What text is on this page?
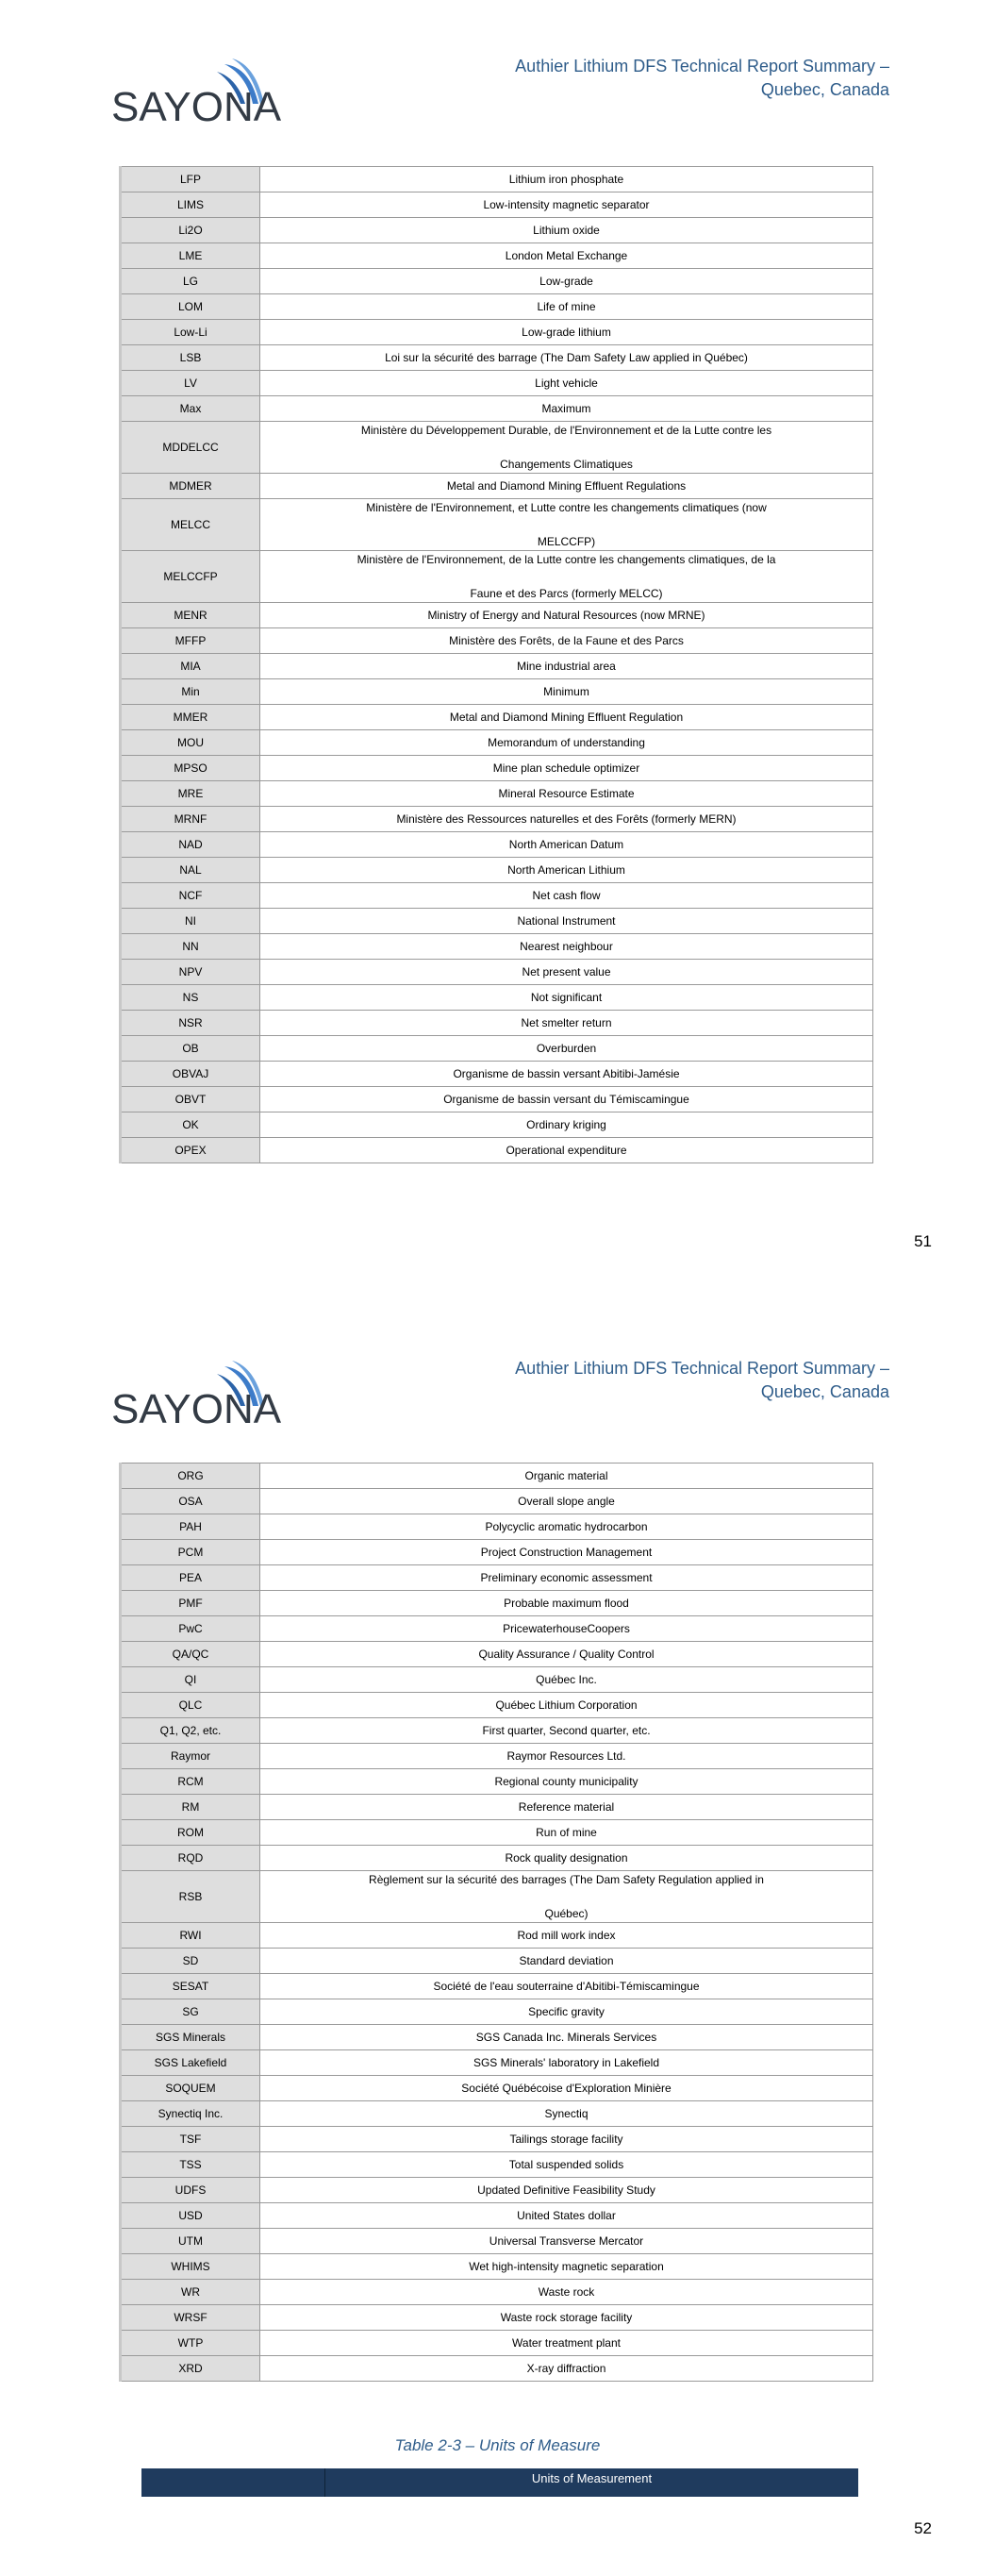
SAYONA
Authier Lithium DFS Technical Report Summary –
Quebec, Canada
LFP	Lithium iron phosphate

LIMS	Low-intensity magnetic separator

Li2O	Lithium oxide

LME	London Metal Exchange

LG	Low-grade

LOM	Life of mine

Low-Li	Low-grade lithium

LSB	Loi sur la sécurité des barrage (The Dam Safety Law applied in Québec)

LV	Light vehicle

Max	Maximum

MDDELCC	Ministère du Développement Durable, de l'Environnement et de la Lutte contre les
Changements Climatiques

MDMER	Metal and Diamond Mining Effluent Regulations

MELCC	Ministère de l'Environnement, et Lutte contre les changements climatiques (now
MELCCFP)

MELCCFP	Ministère de l'Environnement, de la Lutte contre les changements climatiques, de la
Faune et des Parcs (formerly MELCC)

MENR	Ministry of Energy and Natural Resources (now MRNE)

MFFP	Ministère des Forêts, de la Faune et des Parcs

MIA	Mine industrial area

Min	Minimum

MMER	Metal and Diamond Mining Effluent Regulation

MOU	Memorandum of understanding

MPSO	Mine plan schedule optimizer

MRE	Mineral Resource Estimate

MRNF	Ministère des Ressources naturelles et des Forêts (formerly MERN)

NAD	North American Datum

NAL	North American Lithium

NCF	Net cash flow

NI	National Instrument

NN	Nearest neighbour

NPV	Net present value

NS	Not significant

NSR	Net smelter return

OB	Overburden

OBVAJ	Organisme de bassin versant Abitibi-Jamésie

OBVT	Organisme de bassin versant du Témiscamingue

OK	Ordinary kriging

OPEX	Operational expenditure
51
SAYONA
Authier Lithium DFS Technical Report Summary –
Quebec, Canada
ORG	Organic material

OSA	Overall slope angle

PAH	Polycyclic aromatic hydrocarbon

PCM	Project Construction Management

PEA	Preliminary economic assessment

PMF	Probable maximum flood

PwC	PricewaterhouseCoopers

QA/QC	Quality Assurance / Quality Control

QI	Québec Inc.

QLC	Québec Lithium Corporation

Q1, Q2, etc.	First quarter, Second quarter, etc.

Raymor	Raymor Resources Ltd.

RCM	Regional county municipality

RM	Reference material

ROM	Run of mine

RQD	Rock quality designation

RSB	Règlement sur la sécurité des barrages (The Dam Safety Regulation applied in
Québec)

RWI	Rod mill work index

SD	Standard deviation

SESAT	Société de l'eau souterraine d'Abitibi-Témiscamingue

SG	Specific gravity

SGS Minerals	SGS Canada Inc. Minerals Services

SGS Lakefield	SGS Minerals' laboratory in Lakefield

SOQUEM	Société Québécoise d'Exploration Minière

Synectiq Inc.	Synectiq

TSF	Tailings storage facility

TSS	Total suspended solids

UDFS	Updated Definitive Feasibility Study

USD	United States dollar

UTM	Universal Transverse Mercator

WHIMS	Wet high-intensity magnetic separation

WR	Waste rock

WRSF	Waste rock storage facility

WTP	Water treatment plant

XRD	X-ray diffraction
Table 2-3 – Units of Measure
Units of Measurement
52
